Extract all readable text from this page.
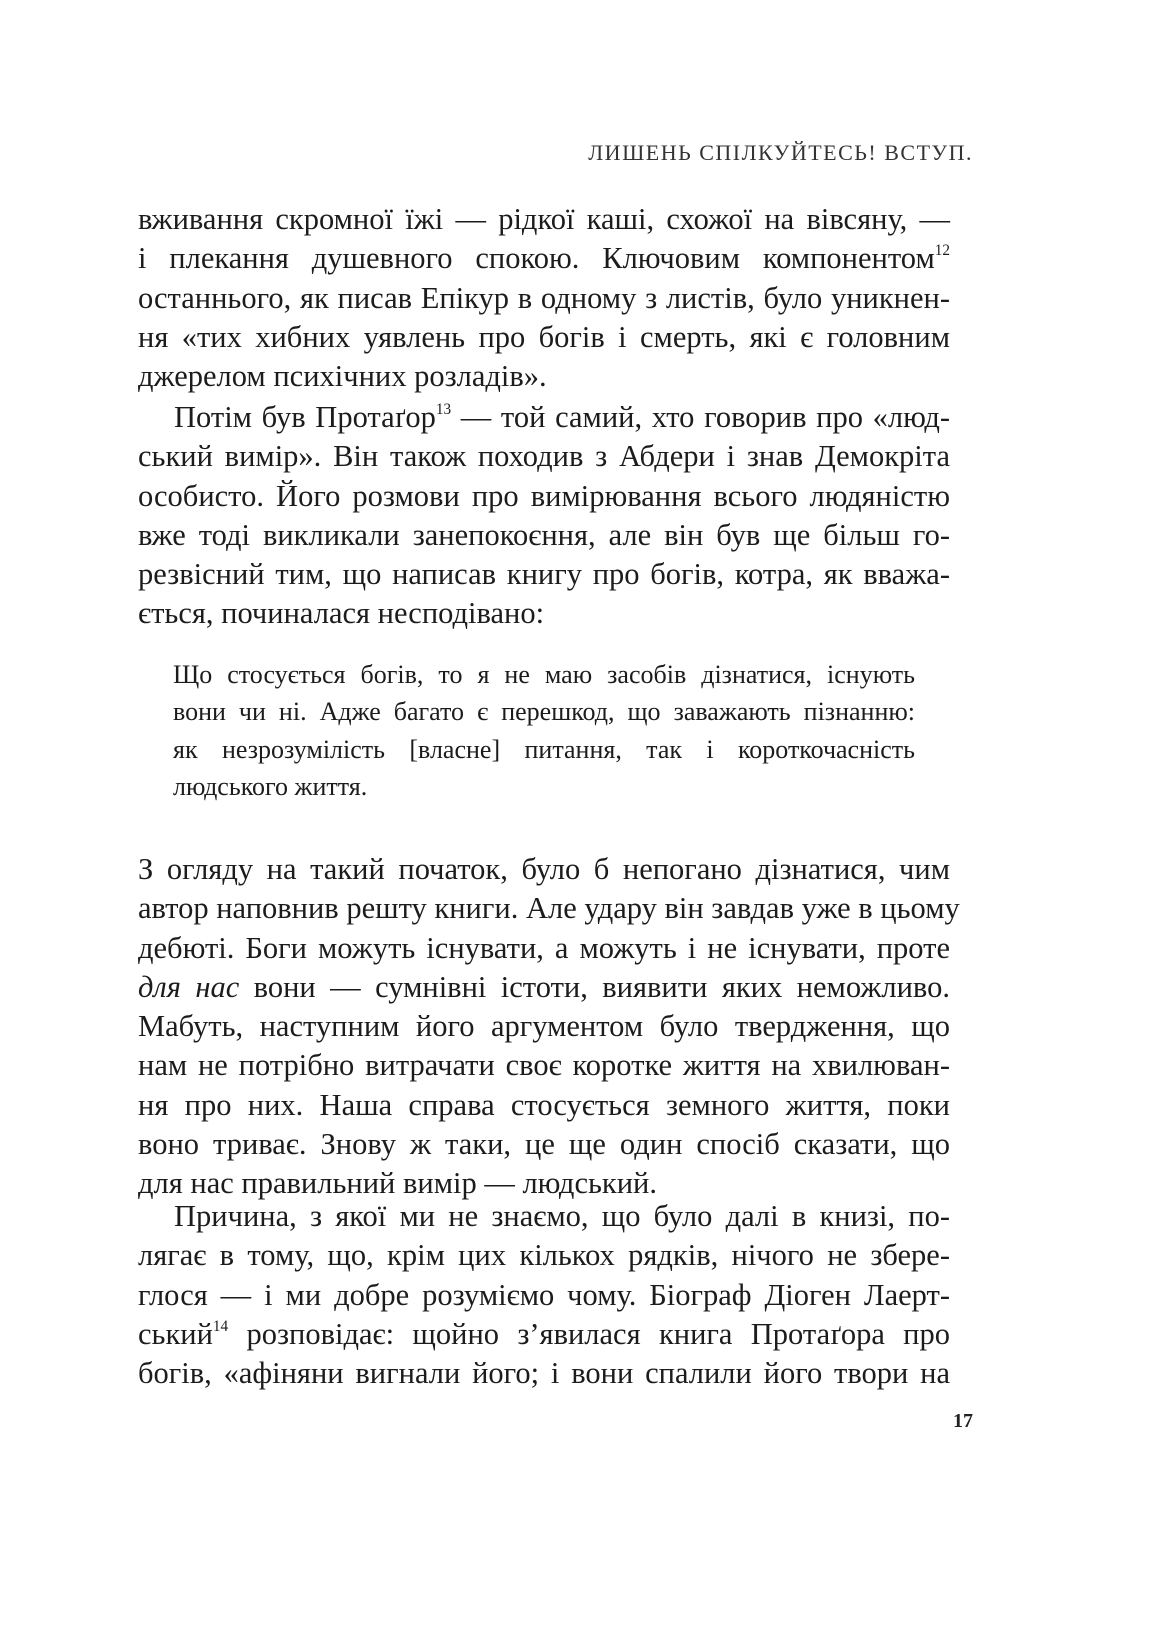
ЛИШЕНЬ СПІЛКУЙТЕСЬ! ВСТУП.
вживання скромної їжі — рідкої каші, схожої на вівсяну, —
і плекання душевного спокою. Ключовим компонентом$^{12}$
останнього, як писав Епікур в одному з листів, було уникнен-
ня «тих хибних уявлень про богів і смерть, які є головним
джерелом психічних розладів».
Потім був Протаґор$^{13}$ — той самий, хто говорив про «люд-
ський вимір». Він також походив з Абдери і знав Демокріта
особисто. Його розмови про вимірювання всього людяністю
вже тоді викликали занепокоєння, але він був ще більш го-
резвісний тим, що написав книгу про богів, котра, як вважа-
ється, починалася несподівано:
Що стосується богів, то я не маю засобів дізнатися, існують
вони чи ні. Адже багато є перешкод, що заважають пізнанню:
як незрозумілість [власне] питання, так і короткочасність
людського життя.
З огляду на такий початок, було б непогано дізнатися, чим
автор наповнив решту книги. Але удару він завдав уже в цьому
дебюті. Боги можуть існувати, а можуть і не існувати, проте
для нас вони — сумнівні істоти, виявити яких неможливо.
Мабуть, наступним його аргументом було твердження, що
нам не потрібно витрачати своє коротке життя на хвилюван-
ня про них. Наша справа стосується земного життя, поки
воно триває. Знову ж таки, це ще один спосіб сказати, що
для нас правильний вимір — людський.
Причина, з якої ми не знаємо, що було далі в книзі, по-
лягає в тому, що, крім цих кількох рядків, нічого не збере-
глося — і ми добре розуміємо чому. Біограф Діоген Лаерт-
ський$^{14}$ розповідає: щойно з’явилася книга Протаґора про
богів, «афіняни вигнали його; і вони спалили його твори на
17
